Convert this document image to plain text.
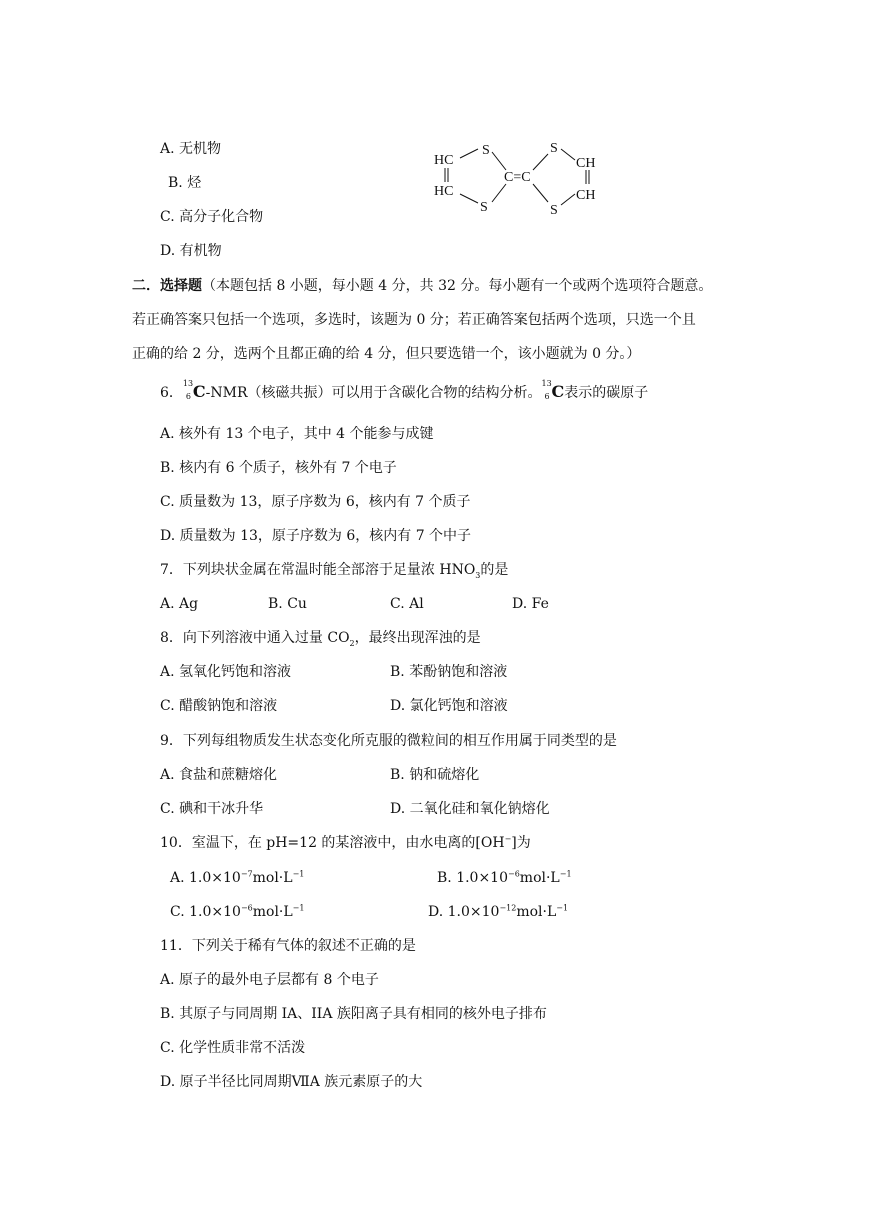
A. 无机物
B. 烃
C. 高分子化合物
D. 有机物
HC
HC
S
S
C=C
S
S
CH
CH
二．选择题（本题包括 8 小题，每小题 4 分，共 32 分。每小题有一个或两个选项符合题意。
若正确答案只包括一个选项，多选时，该题为 0 分；若正确答案包括两个选项，只选一个且
正确的给 2 分，选两个且都正确的给 4 分，但只要选错一个，该小题就为 0 分。）
6．
13
6 C-NMR（核磁共振）可以用于含碳化合物的结构分析。
13
6 C表示的碳原子
A. 核外有 13 个电子，其中 4 个能参与成键
B. 核内有 6 个质子，核外有 7 个电子
C. 质量数为 13，原子序数为 6，核内有 7 个质子
D. 质量数为 13，原子序数为 6，核内有 7 个中子
7．下列块状金属在常温时能全部溶于足量浓 $HNO_3$的是
A. Ag	B. Cu	C. Al	D. Fe
8．向下列溶液中通入过量 $CO_2$，最终出现浑浊的是
A. 氢氧化钙饱和溶液	B. 苯酚钠饱和溶液
C. 醋酸钠饱和溶液	D. 氯化钙饱和溶液
9．下列每组物质发生状态变化所克服的微粒间的相互作用属于同类型的是
A. 食盐和蔗糖熔化	B. 钠和硫熔化
C. 碘和干冰升华	D. 二氧化硅和氧化钠熔化
10．室温下，在 pH=12 的某溶液中，由水电离的[OH−]为
A. $1.0\times 10^{-7}mol\cdot L^{-1}$	B. $1.0\times 10^{-6}mol\cdot L^{-1}$
C. $1.0\times 10^{-6}mol\cdot L^{-1}$	D. $1.0\times 10^{-12}mol\cdot L^{-1}$
11．下列关于稀有气体的叙述不正确的是
A. 原子的最外电子层都有 8 个电子
B. 其原子与同周期 IA、IIA 族阳离子具有相同的核外电子排布
C. 化学性质非常不活泼
D. 原子半径比同周期ⅦA 族元素原子的大
